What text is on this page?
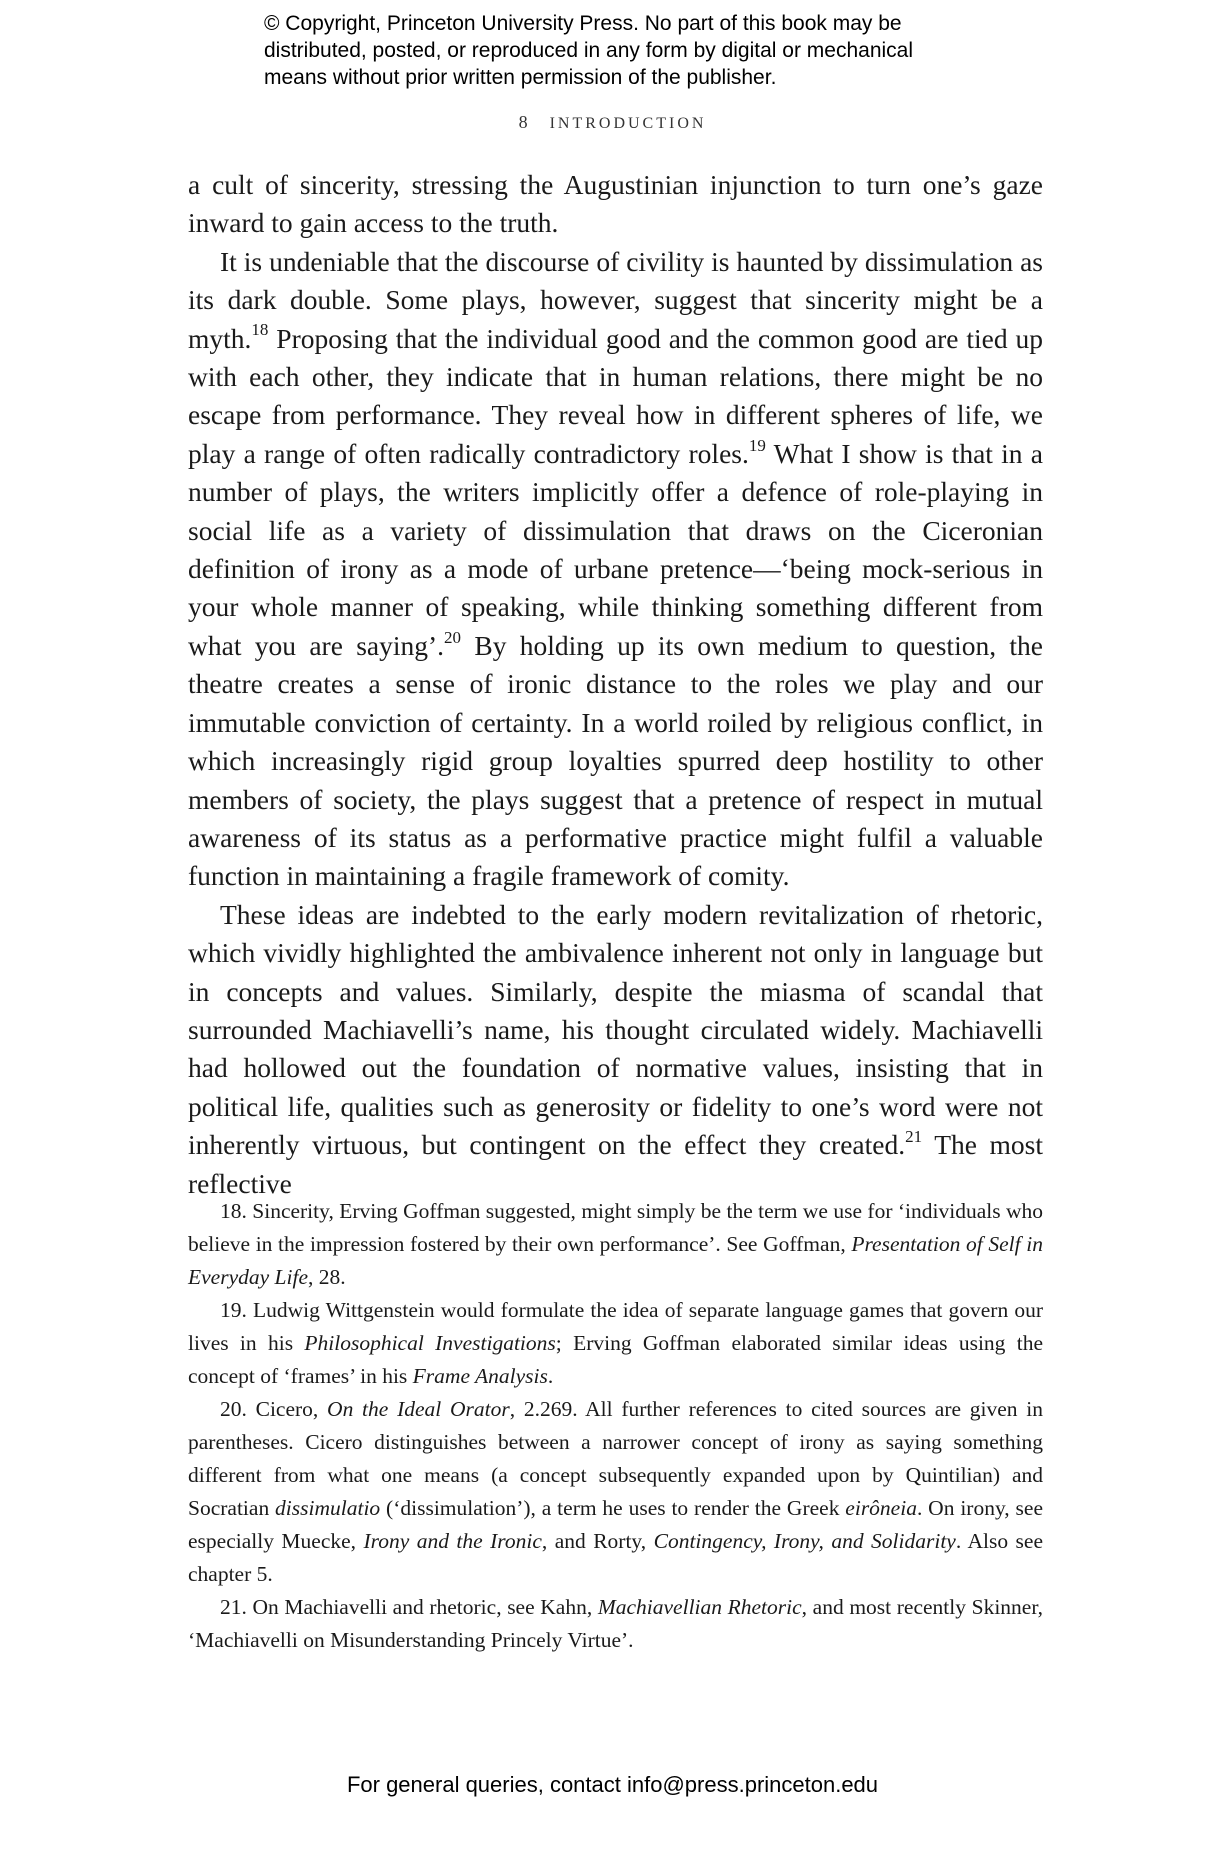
© Copyright, Princeton University Press. No part of this book may be

distributed, posted, or reproduced in any form by digital or mechanical

means without prior written permission of the publisher.

8 INTRODUCTION

a cult of sincerity, stressing the Augustinian injunction to turn one’s gaze inward to gain access to the truth.

It is undeniable that the discourse of civility is haunted by dissimulation as its dark double. Some plays, however, suggest that sincerity might be a myth.$^{18}$ Proposing that the individual good and the common good are tied up with each other, they indicate that in human relations, there might be no escape from performance. They reveal how in different spheres of life, we play a range of often radically contradictory roles.$^{19}$ What I show is that in a number of plays, the writers implicitly offer a defence of role-playing in social life as a variety of dissimulation that draws on the Ciceronian definition of irony as a mode of urbane pretence—‘being mock-serious in your whole manner of speaking, while thinking something different from what you are saying’.$^{20}$ By holding up its own medium to question, the theatre creates a sense of ironic distance to the roles we play and our immutable conviction of certainty. In a world roiled by religious conflict, in which increasingly rigid group loyalties spurred deep hostility to other members of society, the plays suggest that a pretence of respect in mutual awareness of its status as a performative practice might fulfil a valuable function in maintaining a fragile framework of comity.

These ideas are indebted to the early modern revitalization of rhetoric, which vividly highlighted the ambivalence inherent not only in language but in concepts and values. Similarly, despite the miasma of scandal that surrounded Machiavelli’s name, his thought circulated widely. Machiavelli had hollowed out the foundation of normative values, insisting that in political life, qualities such as generosity or fidelity to one’s word were not inherently virtuous, but contingent on the effect they created.$^{21}$ The most reflective

18. Sincerity, Erving Goffman suggested, might simply be the term we use for ‘individuals who believe in the impression fostered by their own performance’. See Goffman, Presentation of Self in Everyday Life, 28.

19. Ludwig Wittgenstein would formulate the idea of separate language games that govern our lives in his Philosophical Investigations; Erving Goffman elaborated similar ideas using the concept of ‘frames’ in his Frame Analysis.

20. Cicero, On the Ideal Orator, 2.269. All further references to cited sources are given in parentheses. Cicero distinguishes between a narrower concept of irony as saying something different from what one means (a concept subsequently expanded upon by Quintilian) and Socratian dissimulatio (‘dissimulation’), a term he uses to render the Greek eirôneia. On irony, see especially Muecke, Irony and the Ironic, and Rorty, Contingency, Irony, and Solidarity. Also see chapter 5.

21. On Machiavelli and rhetoric, see Kahn, Machiavellian Rhetoric, and most recently Skinner, ‘Machiavelli on Misunderstanding Princely Virtue’.

For general queries, contact info@press.princeton.edu
